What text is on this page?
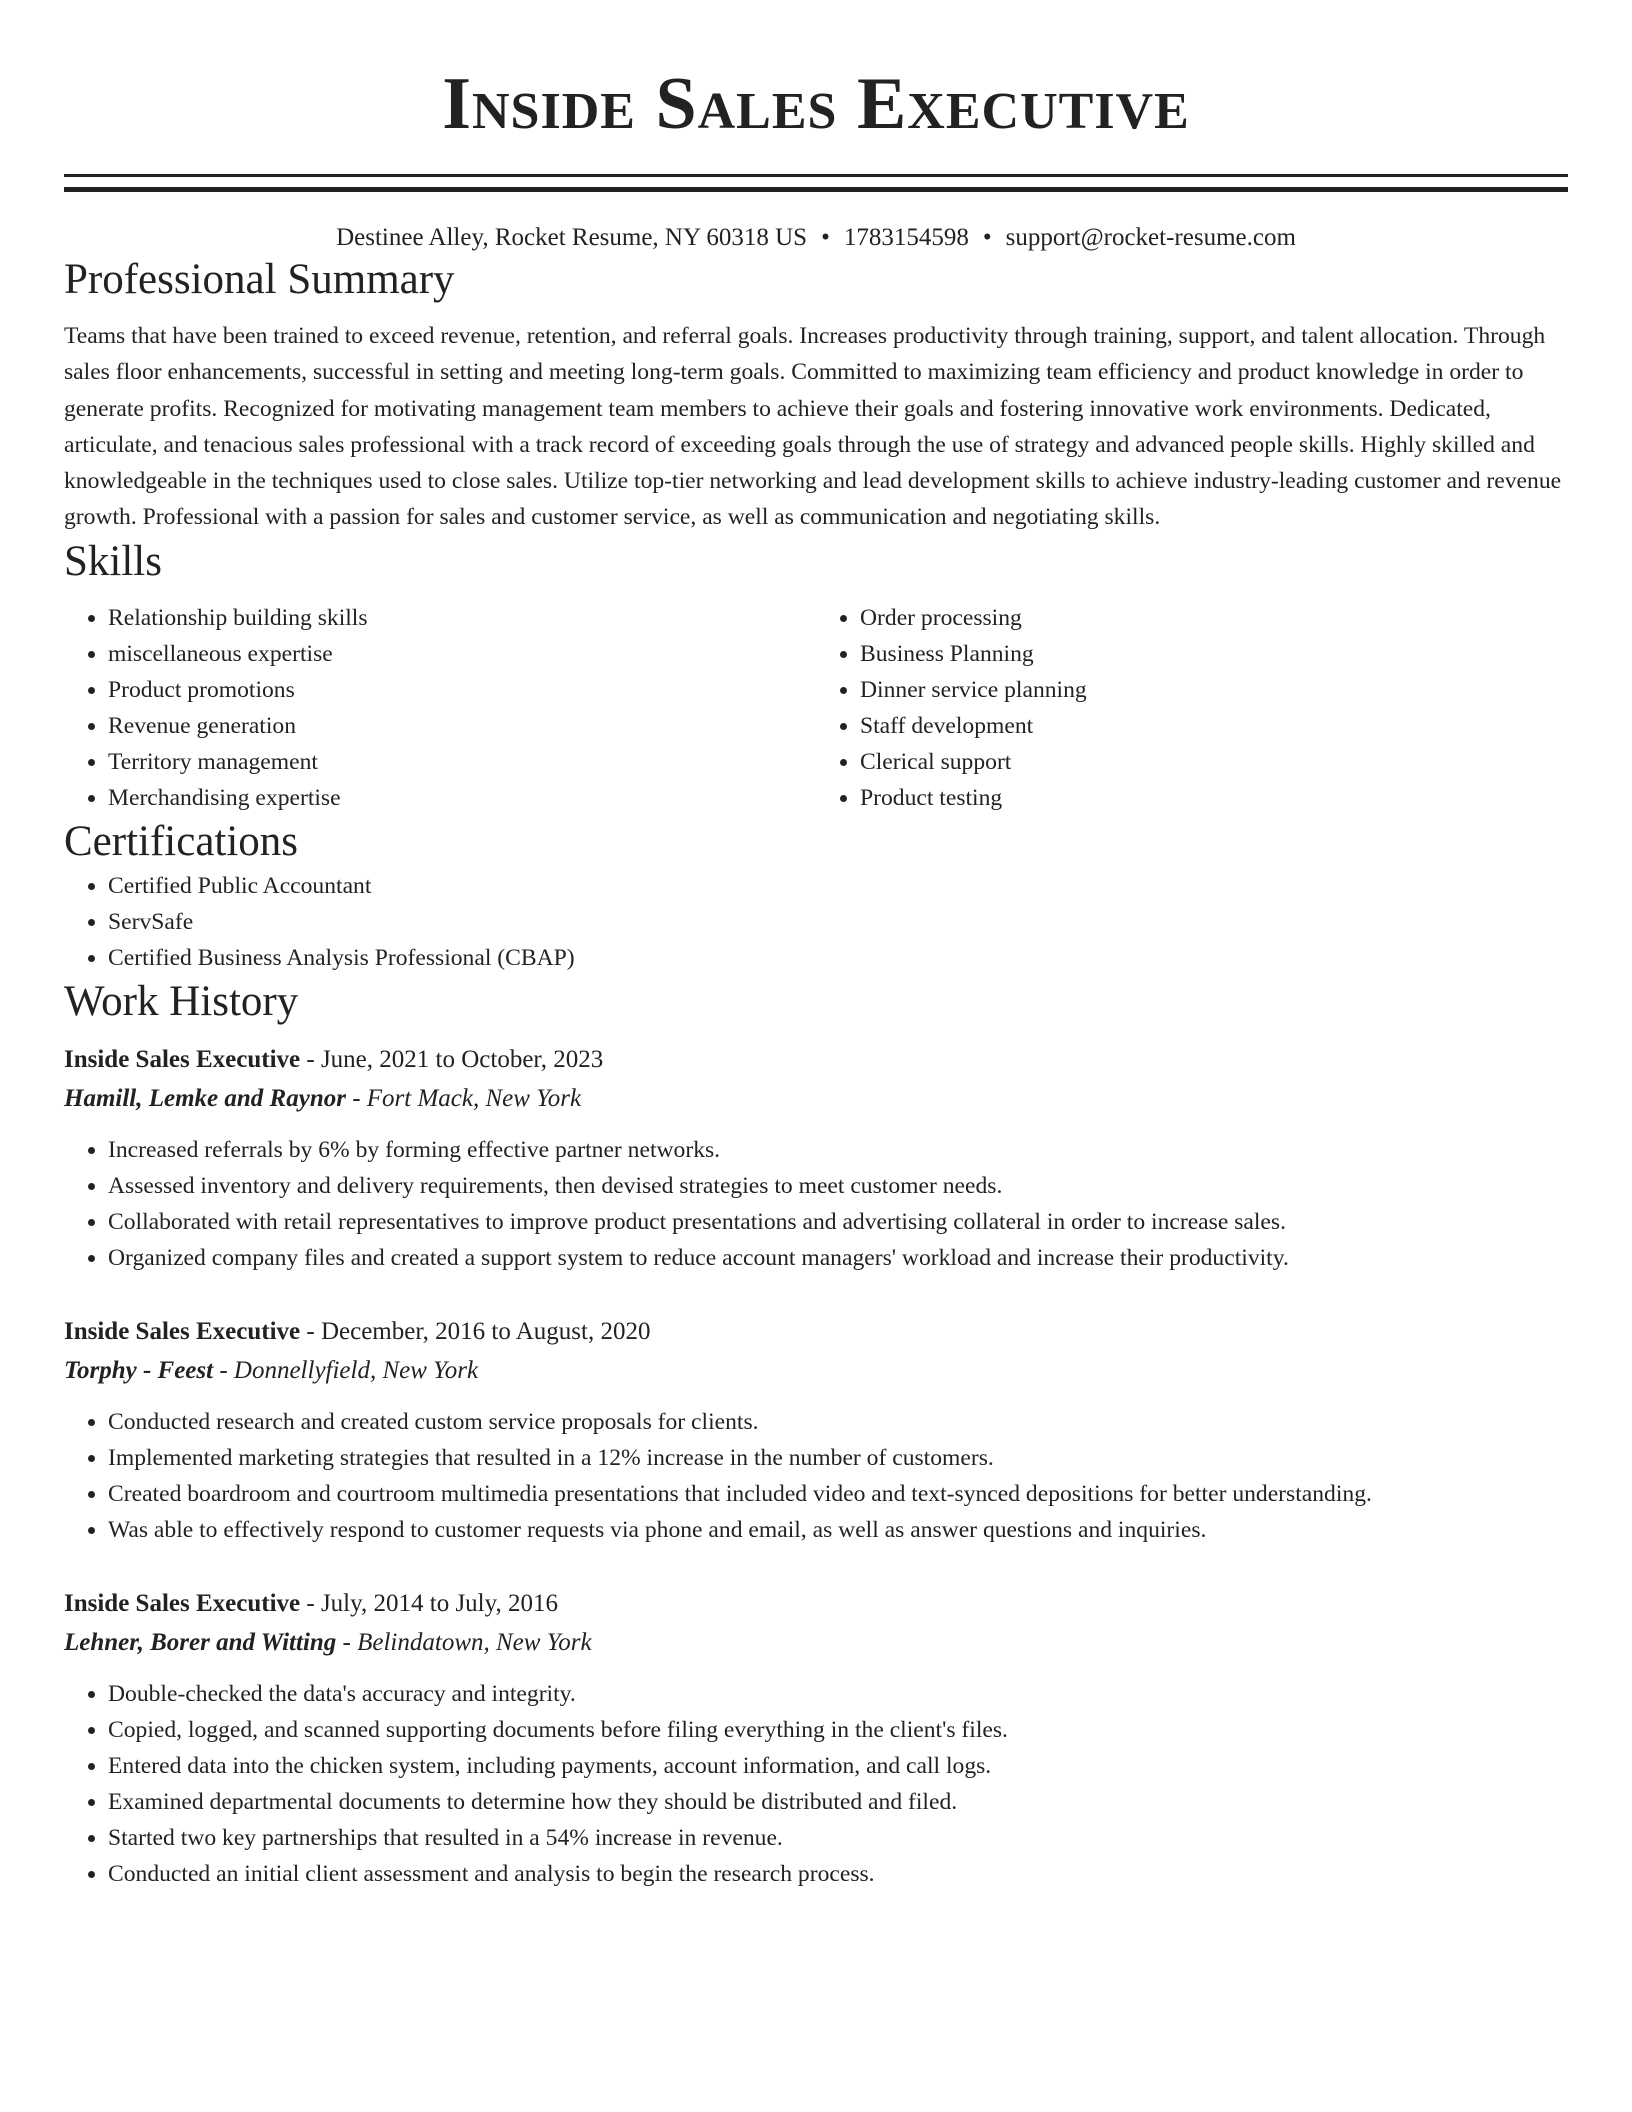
Inside Sales Executive
Destinee Alley, Rocket Resume, NY 60318 US • 1783154598 • support@rocket-resume.com
Professional Summary

Teams that have been trained to exceed revenue, retention, and referral goals. Increases productivity through training, support, and talent allocation. Through sales floor enhancements, successful in setting and meeting long-term goals. Committed to maximizing team efficiency and product knowledge in order to generate profits. Recognized for motivating management team members to achieve their goals and fostering innovative work environments. Dedicated, articulate, and tenacious sales professional with a track record of exceeding goals through the use of strategy and advanced people skills. Highly skilled and knowledgeable in the techniques used to close sales. Utilize top-tier networking and lead development skills to achieve industry-leading customer and revenue growth. Professional with a passion for sales and customer service, as well as communication and negotiating skills.

Skills
• Relationship building skills
• miscellaneous expertise
• Product promotions
• Revenue generation
• Territory management
• Merchandising expertise
• Order processing
• Business Planning
• Dinner service planning
• Staff development
• Clerical support
• Product testing
Certifications
• Certified Public Accountant
• ServSafe
• Certified Business Analysis Professional (CBAP)
Work History
Inside Sales Executive - June, 2021 to October, 2023
Hamill, Lemke and Raynor - Fort Mack, New York
• Increased referrals by 6% by forming effective partner networks.
• Assessed inventory and delivery requirements, then devised strategies to meet customer needs.
• Collaborated with retail representatives to improve product presentations and advertising collateral in order to increase sales.
• Organized company files and created a support system to reduce account managers' workload and increase their productivity.
Inside Sales Executive - December, 2016 to August, 2020
Torphy - Feest - Donnellyfield, New York
• Conducted research and created custom service proposals for clients.
• Implemented marketing strategies that resulted in a 12% increase in the number of customers.
• Created boardroom and courtroom multimedia presentations that included video and text-synced depositions for better understanding.
• Was able to effectively respond to customer requests via phone and email, as well as answer questions and inquiries.
Inside Sales Executive - July, 2014 to July, 2016
Lehner, Borer and Witting - Belindatown, New York
• Double-checked the data's accuracy and integrity.
• Copied, logged, and scanned supporting documents before filing everything in the client's files.
• Entered data into the chicken system, including payments, account information, and call logs.
• Examined departmental documents to determine how they should be distributed and filed.
• Started two key partnerships that resulted in a 54% increase in revenue.
• Conducted an initial client assessment and analysis to begin the research process.
